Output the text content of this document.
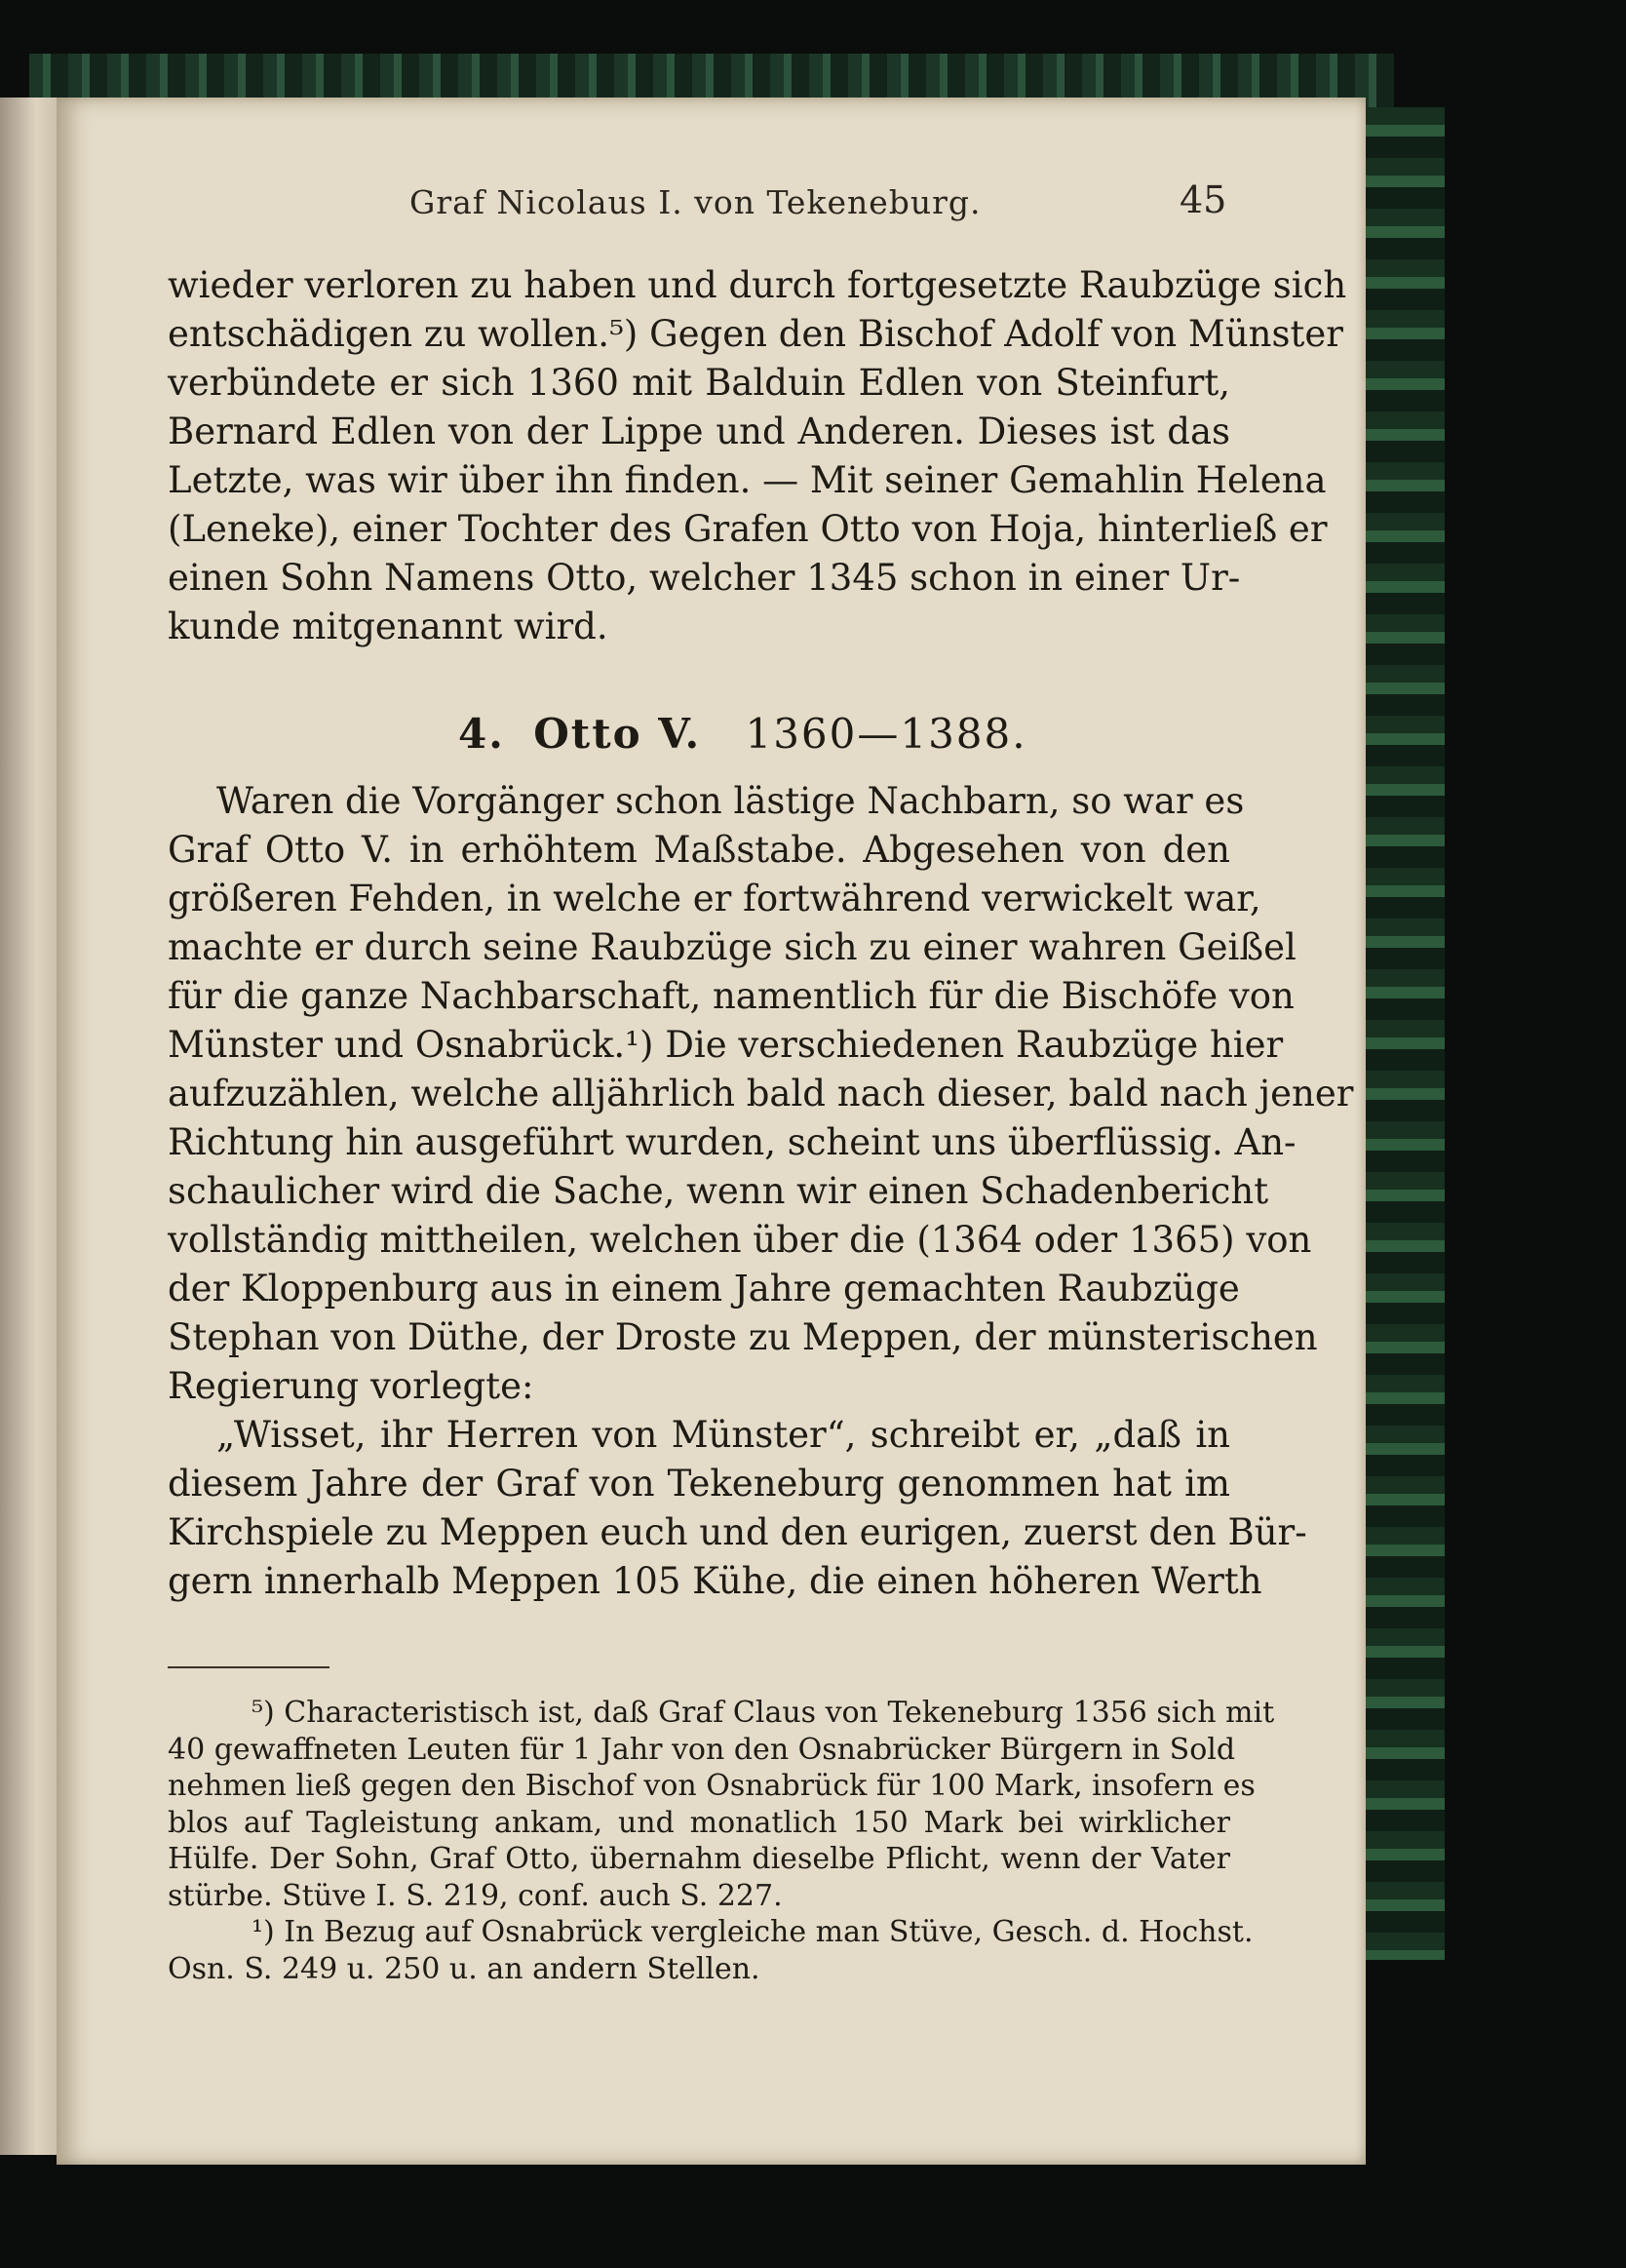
Graf Nicolaus I. von Tekeneburg.	45
wieder verloren zu haben und durch fortgesetzte Raubzüge sich
entschädigen zu wollen.⁵) Gegen den Bischof Adolf von Münster
verbündete er sich 1360 mit Balduin Edlen von Steinfurt,
Bernard Edlen von der Lippe und Anderen. Dieses ist das
Letzte, was wir über ihn finden. — Mit seiner Gemahlin Helena
(Leneke), einer Tochter des Grafen Otto von Hoja, hinterließ er
einen Sohn Namens Otto, welcher 1345 schon in einer Ur-
kunde mitgenannt wird.
4. Otto V. 1360—1388.
Waren die Vorgänger schon lästige Nachbarn, so war es
Graf Otto V. in erhöhtem Maßstabe. Abgesehen von den
größeren Fehden, in welche er fortwährend verwickelt war,
machte er durch seine Raubzüge sich zu einer wahren Geißel
für die ganze Nachbarschaft, namentlich für die Bischöfe von
Münster und Osnabrück.¹) Die verschiedenen Raubzüge hier
aufzuzählen, welche alljährlich bald nach dieser, bald nach jener
Richtung hin ausgeführt wurden, scheint uns überflüssig. An-
schaulicher wird die Sache, wenn wir einen Schadenbericht
vollständig mittheilen, welchen über die (1364 oder 1365) von
der Kloppenburg aus in einem Jahre gemachten Raubzüge
Stephan von Düthe, der Droste zu Meppen, der münsterischen
Regierung vorlegte:
„Wisset, ihr Herren von Münster“, schreibt er, „daß in
diesem Jahre der Graf von Tekeneburg genommen hat im
Kirchspiele zu Meppen euch und den eurigen, zuerst den Bür-
gern innerhalb Meppen 105 Kühe, die einen höheren Werth
⁵) Characteristisch ist, daß Graf Claus von Tekeneburg 1356 sich mit
40 gewaffneten Leuten für 1 Jahr von den Osnabrücker Bürgern in Sold
nehmen ließ gegen den Bischof von Osnabrück für 100 Mark, insofern es
blos auf Tagleistung ankam, und monatlich 150 Mark bei wirklicher
Hülfe. Der Sohn, Graf Otto, übernahm dieselbe Pflicht, wenn der Vater
stürbe. Stüve I. S. 219, conf. auch S. 227.
¹) In Bezug auf Osnabrück vergleiche man Stüve, Gesch. d. Hochst.
Osn. S. 249 u. 250 u. an andern Stellen.
